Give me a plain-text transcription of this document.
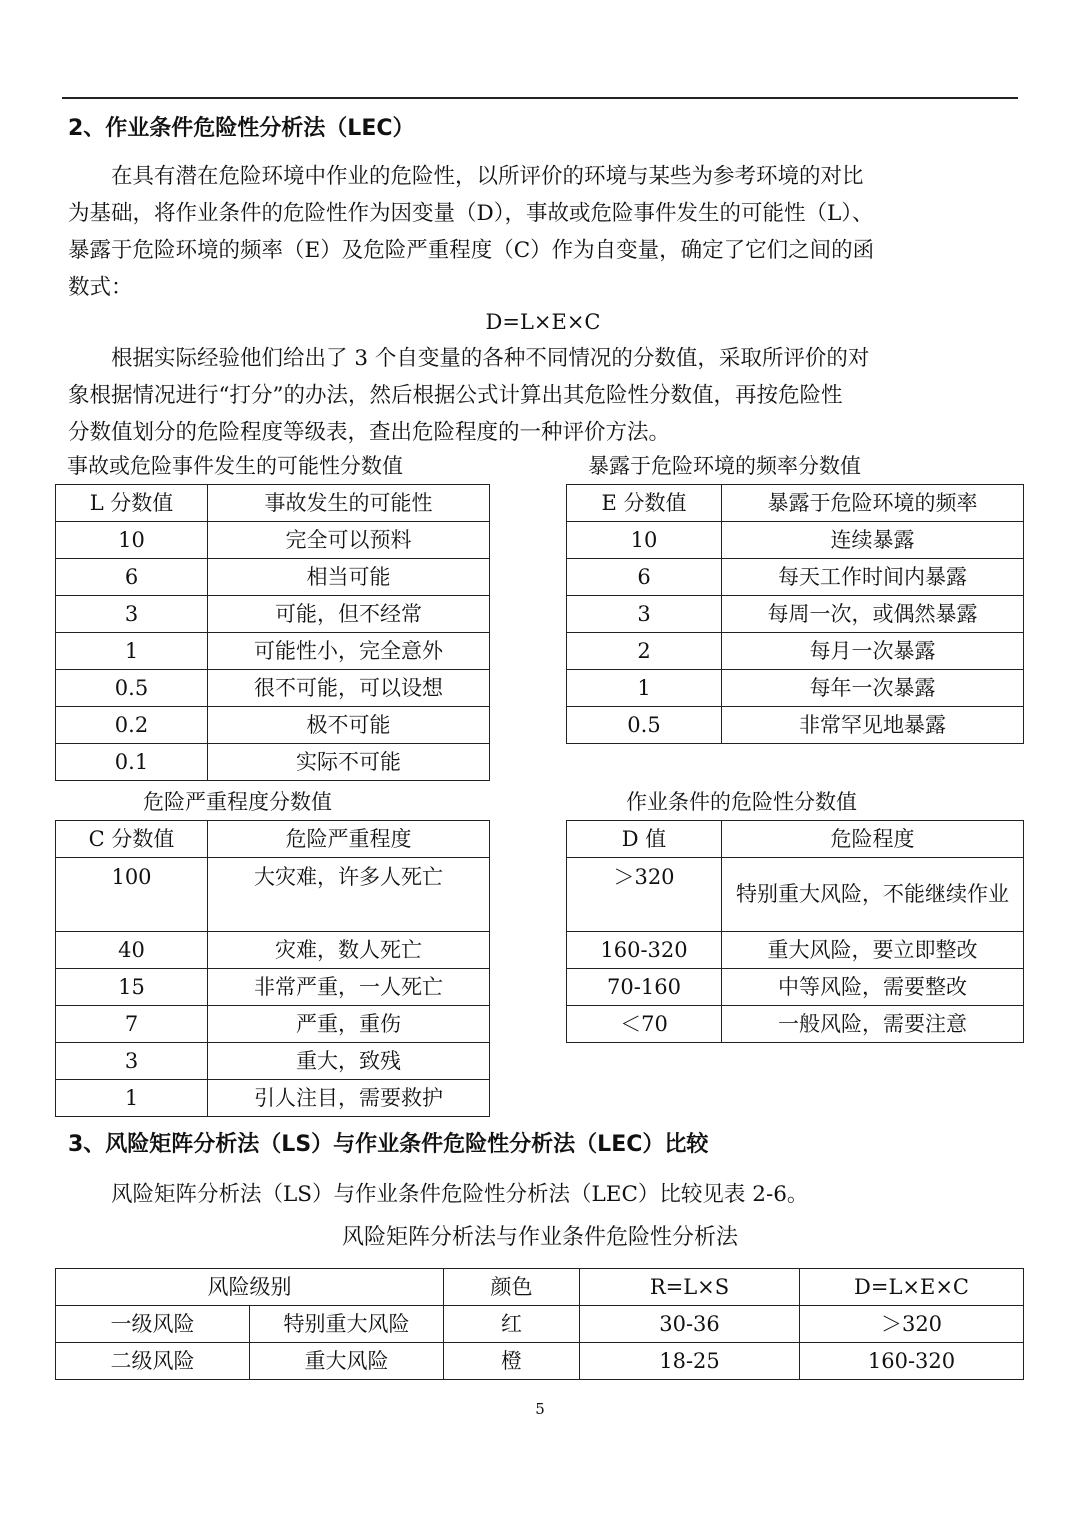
2、作业条件危险性分析法（LEC）

在具有潜在危险环境中作业的危险性，以所评价的环境与某些为参考环境的对比

为基础，将作业条件的危险性作为因变量（D），事故或危险事件发生的可能性（L）、

暴露于危险环境的频率（E）及危险严重程度（C）作为自变量，确定了它们之间的函

数式：

D=L×E×C

根据实际经验他们给出了 3 个自变量的各种不同情况的分数值，采取所评价的对

象根据情况进行“打分”的办法，然后根据公式计算出其危险性分数值，再按危险性

分数值划分的危险程度等级表，查出危险程度的一种评价方法。

事故或危险事件发生的可能性分数值
L 分数值	事故发生的可能性
10	完全可以预料
6	相当可能
3	可能，但不经常
1	可能性小，完全意外
0.5	很不可能，可以设想
0.2	极不可能
0.1	实际不可能
暴露于危险环境的频率分数值
E 分数值	暴露于危险环境的频率
10	连续暴露
6	每天工作时间内暴露
3	每周一次，或偶然暴露
2	每月一次暴露
1	每年一次暴露
0.5	非常罕见地暴露
危险严重程度分数值
C 分数值	危险严重程度
100	大灾难，许多人死亡
40	灾难，数人死亡
15	非常严重，一人死亡
7	严重，重伤
3	重大，致残
1	引人注目，需要救护
作业条件的危险性分数值
D 值	危险程度
＞320	特别重大风险，不能继续作业
160-320	重大风险，要立即整改
70-160	中等风险，需要整改
＜70	一般风险，需要注意
3、风险矩阵分析法（LS）与作业条件危险性分析法（LEC）比较

风险矩阵分析法（LS）与作业条件危险性分析法（LEC）比较见表 2-6。

风险矩阵分析法与作业条件危险性分析法
风险级别		颜色	R=L×S	D=L×E×C
一级风险	特别重大风险	红	30-36	＞320
二级风险	重大风险	橙	18-25	160-320
5
